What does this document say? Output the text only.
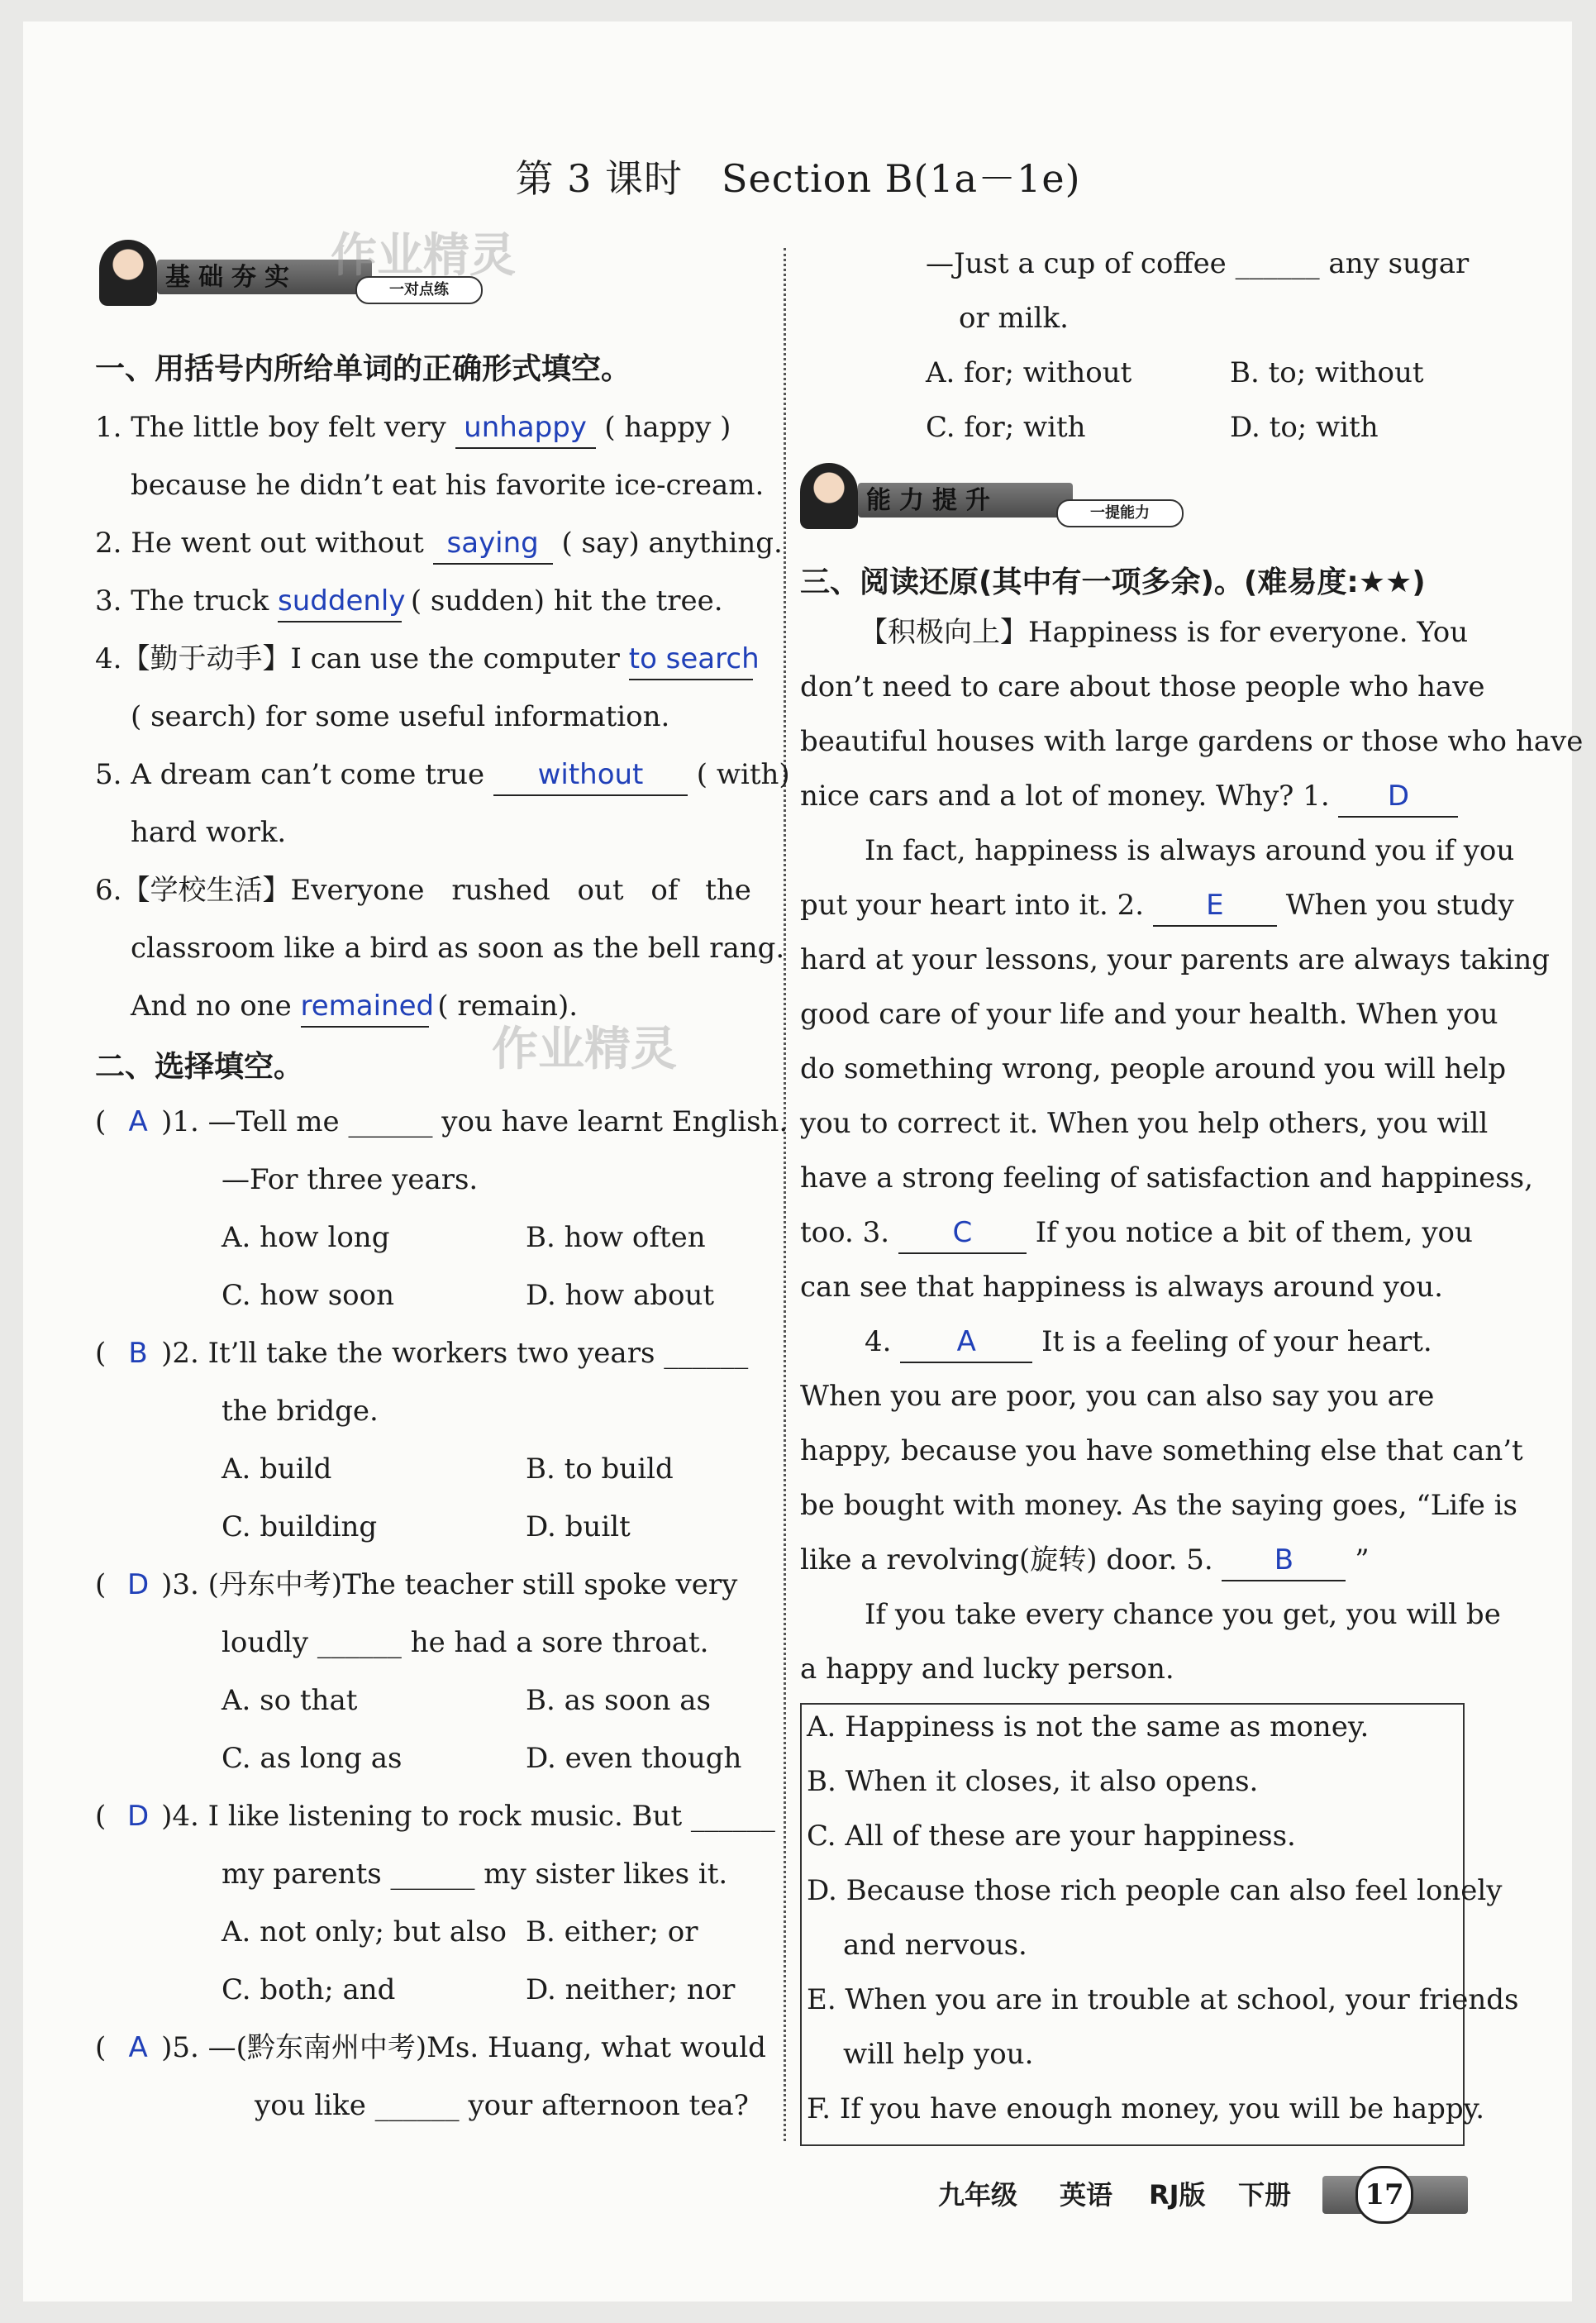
第 3 课时　Section B(1a－1e)
基础夯实	一对点练
作业精灵
作业精灵
能力提升	一提能力
一、用括号内所给单词的正确形式填空。
1. The little boy felt very unhappy ( happy )
because he didn’t eat his favorite ice-cream.
2. He went out without saying ( say) anything.
3. The truck suddenly ( sudden) hit the tree.
4.【勤于动手】I can use the computer to search
( search) for some useful information.
5. A dream can’t come true without ( with)
hard work.
6.【学校生活】Everyone rushed out of the
classroom like a bird as soon as the bell rang.
And no one remained ( remain).
二、选择填空。
( A )1. —Tell me ______ you have learnt English.
—For three years.
A. how long	B. how often
C. how soon	D. how about
( B )2. It’ll take the workers two years ______
the bridge.
A. build	B. to build
C. building	D. built
( D )3. (丹东中考)The teacher still spoke very
loudly ______ he had a sore throat.
A. so that	B. as soon as
C. as long as	D. even though
( D )4. I like listening to rock music. But ______
my parents ______ my sister likes it.
A. not only; but also B. either; or
C. both; and	D. neither; nor
( A )5. —(黔东南州中考)Ms. Huang, what would
you like ______ your afternoon tea?
—Just a cup of coffee ______ any sugar
or milk.
A. for; without	B. to; without
C. for; with	D. to; with
三、阅读还原(其中有一项多余)。(难易度:★★)
【积极向上】Happiness is for everyone. You
don’t need to care about those people who have
beautiful houses with large gardens or those who have
nice cars and a lot of money. Why? 1. D
In fact, happiness is always around you if you
put your heart into it. 2. E When you study
hard at your lessons, your parents are always taking
good care of your life and your health. When you
do something wrong, people around you will help
you to correct it. When you help others, you will
have a strong feeling of satisfaction and happiness,
too. 3. C If you notice a bit of them, you
can see that happiness is always around you.
4. A It is a feeling of your heart.
When you are poor, you can also say you are
happy, because you have something else that can’t
be bought with money. As the saying goes, “Life is
like a revolving(旋转) door. 5. B ”
If you take every chance you get, you will be
a happy and lucky person.
A. Happiness is not the same as money.
B. When it closes, it also opens.
C. All of these are your happiness.
D. Because those rich people can also feel lonely
and nervous.
E. When you are in trouble at school, your friends
will help you.
F. If you have enough money, you will be happy.
九年级 英语 RJ版 下册	17
